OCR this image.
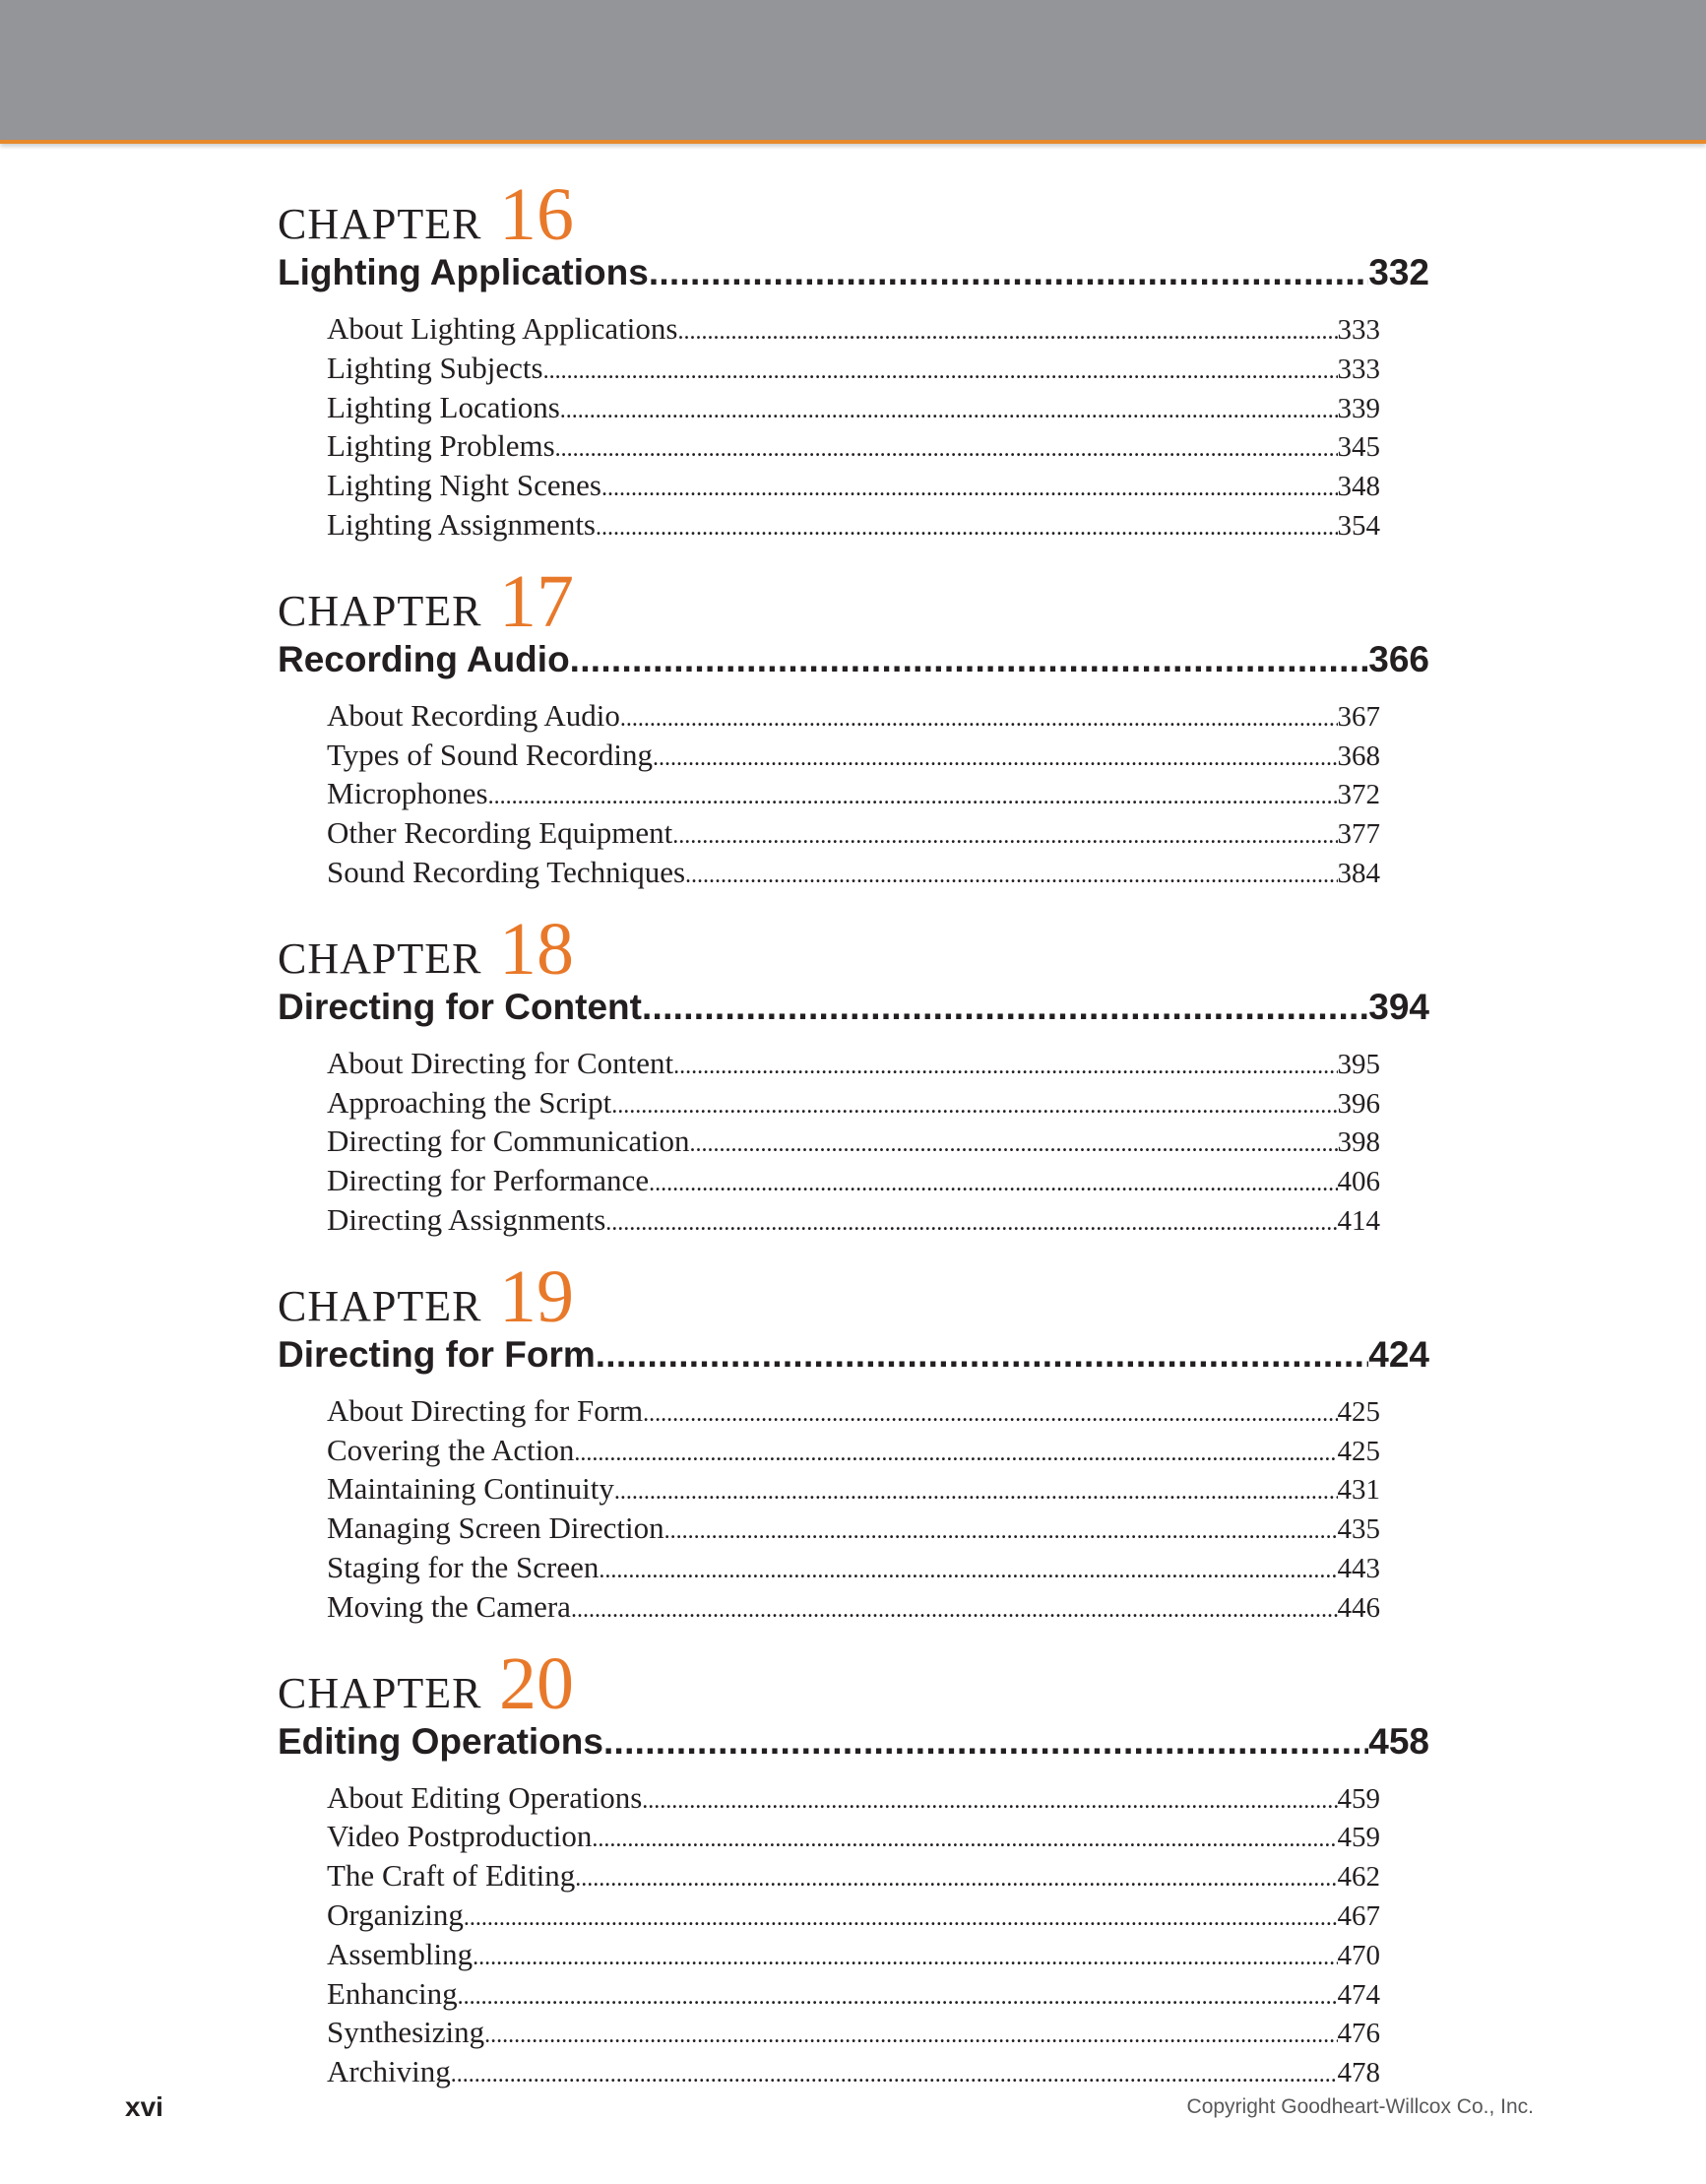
CHAPTER 16
Lighting Applications . . .	332
About Lighting Applications .....	333
Lighting Subjects .....	333
Lighting Locations .....	339
Lighting Problems .....	345
Lighting Night Scenes .....	348
Lighting Assignments .....	354
CHAPTER 17
Recording Audio . . .	366
About Recording Audio .....	367
Types of Sound Recording .....	368
Microphones .....	372
Other Recording Equipment .....	377
Sound Recording Techniques .....	384
CHAPTER 18
Directing for Content . . .	394
About Directing for Content .....	395
Approaching the Script .....	396
Directing for Communication .....	398
Directing for Performance .....	406
Directing Assignments .....	414
CHAPTER 19
Directing for Form . . .	424
About Directing for Form .....	425
Covering the Action .....	425
Maintaining Continuity .....	431
Managing Screen Direction .....	435
Staging for the Screen .....	443
Moving the Camera .....	446
CHAPTER 20
Editing Operations . . .	458
About Editing Operations .....	459
Video Postproduction .....	459
The Craft of Editing .....	462
Organizing .....	467
Assembling .....	470
Enhancing .....	474
Synthesizing .....	476
Archiving .....	478
xvi	Copyright Goodheart-Willcox Co., Inc.
